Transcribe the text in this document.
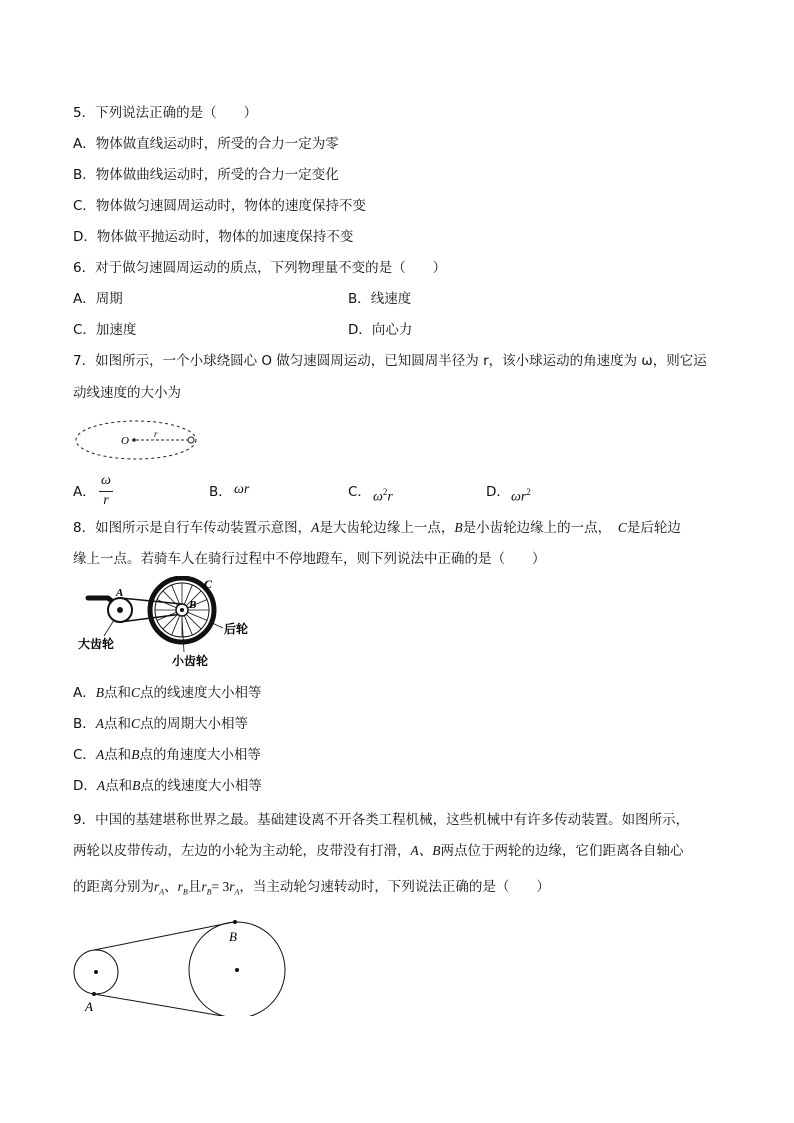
5．下列说法正确的是（　　）
A．物体做直线运动时，所受的合力一定为零
B．物体做曲线运动时，所受的合力一定变化
C．物体做匀速圆周运动时，物体的速度保持不变
D．物体做平抛运动时，物体的加速度保持不变
6．对于做匀速圆周运动的质点，下列物理量不变的是（　　）
A．周期	B．线速度
C．加速度	D．向心力
7．如图所示，一个小球绕圆心 O 做匀速圆周运动，已知圆周半径为 r，该小球运动的角速度为 ω，则它运
动线速度的大小为
O
r
A．
ω
r
B． ωr	C． $\omega^2r$	D． $\omega r^2$
8．如图所示是自行车传动装置示意图，A是大齿轮边缘上一点，B是小齿轮边缘上的一点，　C是后轮边
缘上一点。若骑车人在骑行过程中不停地蹬车，则下列说法中正确的是（　　）
A
B
C
大齿轮
小齿轮
后轮
A．B点和C点的线速度大小相等
B．A点和C点的周期大小相等
C．A点和B点的角速度大小相等
D．A点和B点的线速度大小相等
9．中国的基建堪称世界之最。基础建设离不开各类工程机械，这些机械中有许多传动装置。如图所示，
两轮以皮带传动，左边的小轮为主动轮，皮带没有打滑，A、B两点位于两轮的边缘，它们距离各自轴心
的距离分别为$r_A$、$r_B$且$r_B= 3r_A$，当主动轮匀速转动时，下列说法正确的是（　　）
A
B
